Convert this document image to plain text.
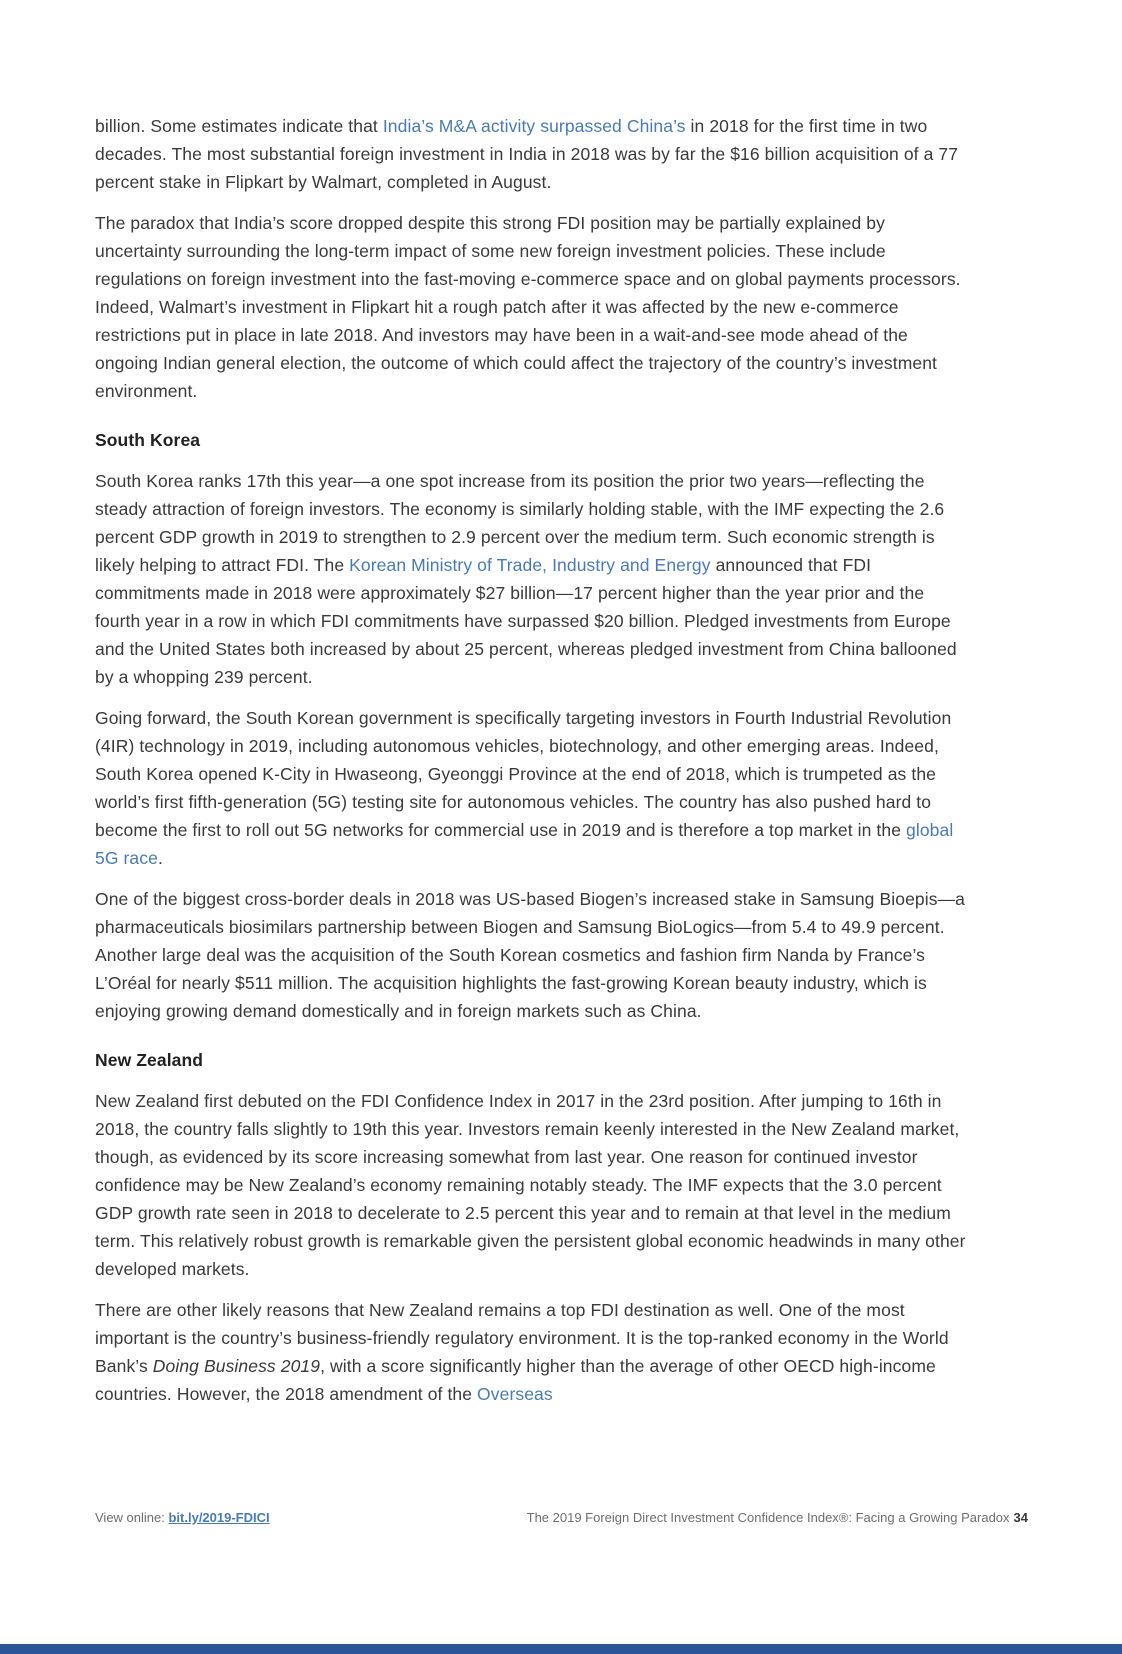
billion. Some estimates indicate that India’s M&A activity surpassed China’s in 2018 for the first time in two decades. The most substantial foreign investment in India in 2018 was by far the $16 billion acquisition of a 77 percent stake in Flipkart by Walmart, completed in August.

The paradox that India’s score dropped despite this strong FDI position may be partially explained by uncertainty surrounding the long-term impact of some new foreign investment policies. These include regulations on foreign investment into the fast-moving e-commerce space and on global payments processors. Indeed, Walmart’s investment in Flipkart hit a rough patch after it was affected by the new e-commerce restrictions put in place in late 2018. And investors may have been in a wait-and-see mode ahead of the ongoing Indian general election, the outcome of which could affect the trajectory of the country’s investment environment.

South Korea

South Korea ranks 17th this year—a one spot increase from its position the prior two years—reflecting the steady attraction of foreign investors. The economy is similarly holding stable, with the IMF expecting the 2.6 percent GDP growth in 2019 to strengthen to 2.9 percent over the medium term. Such economic strength is likely helping to attract FDI. The Korean Ministry of Trade, Industry and Energy announced that FDI commitments made in 2018 were approximately $27 billion—17 percent higher than the year prior and the fourth year in a row in which FDI commitments have surpassed $20 billion. Pledged investments from Europe and the United States both increased by about 25 percent, whereas pledged investment from China ballooned by a whopping 239 percent.

Going forward, the South Korean government is specifically targeting investors in Fourth Industrial Revolution (4IR) technology in 2019, including autonomous vehicles, biotechnology, and other emerging areas. Indeed, South Korea opened K-City in Hwaseong, Gyeonggi Province at the end of 2018, which is trumpeted as the world’s first fifth-generation (5G) testing site for autonomous vehicles. The country has also pushed hard to become the first to roll out 5G networks for commercial use in 2019 and is therefore a top market in the global 5G race.

One of the biggest cross-border deals in 2018 was US-based Biogen’s increased stake in Samsung Bioepis—a pharmaceuticals biosimilars partnership between Biogen and Samsung BioLogics—from 5.4 to 49.9 percent. Another large deal was the acquisition of the South Korean cosmetics and fashion firm Nanda by France’s L’Oréal for nearly $511 million. The acquisition highlights the fast-growing Korean beauty industry, which is enjoying growing demand domestically and in foreign markets such as China.

New Zealand

New Zealand first debuted on the FDI Confidence Index in 2017 in the 23rd position. After jumping to 16th in 2018, the country falls slightly to 19th this year. Investors remain keenly interested in the New Zealand market, though, as evidenced by its score increasing somewhat from last year. One reason for continued investor confidence may be New Zealand’s economy remaining notably steady. The IMF expects that the 3.0 percent GDP growth rate seen in 2018 to decelerate to 2.5 percent this year and to remain at that level in the medium term. This relatively robust growth is remarkable given the persistent global economic headwinds in many other developed markets.

There are other likely reasons that New Zealand remains a top FDI destination as well. One of the most important is the country’s business-friendly regulatory environment. It is the top-ranked economy in the World Bank’s Doing Business 2019, with a score significantly higher than the average of other OECD high-income countries. However, the 2018 amendment of the Overseas

View online: bit.ly/2019-FDICI	The 2019 Foreign Direct Investment Confidence Index®: Facing a Growing Paradox 34
